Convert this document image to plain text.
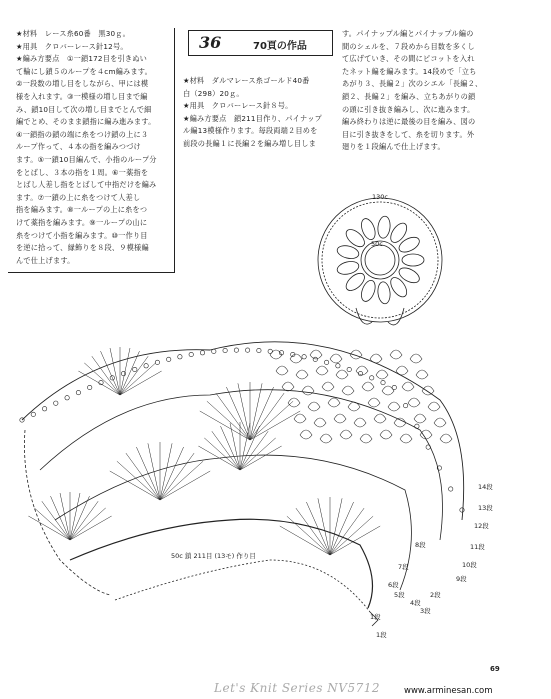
★材料　レース糸60番　黒30ｇ。

★用具　クロバーレース針12号。

★編み方要点　①一鎖172目を引きぬい

て輪にし鎖５のループを４cm編みます。

②一段数の増し目をしながら、甲には模

様を入れます。③一模様の増し目まで編

み、鎖10目して次の増し目までとんで細

編でとめ、そのまま鎖指に編み進みます。

④一鎖指の鎖の端に糸をつけ鎖の上に３

ループ作って、４本の指を編みつづけ

ます。⑤一鎖10目編んで、小指のループ分

をとばし、３本の指を１周。⑥一薬指を

とばし人差し指をとばして中指だけを編み

ます。⑦一鎖の上に糸をつけて人差し

指を編みます。⑧一ループの上に糸をつ

けて薬指を編みます。⑨一ループの山に

糸をつけて小指を編みます。⑩一作り目

を逆に拾って、縁飾りを８段、９模様編

んで仕上げます。

36	70頁の作品

★材料　ダルマレース糸ゴールド40番

白（298）20ｇ。

★用具　クロバーレース針８号。

★編み方要点　鎖211目作り、パイナップ

ル編13模様作ります。毎段両端２目めを

前段の長編１に長編２を編み増し目しま

す。パイナップル編とパイナップル編の

間のシェルを、７段めから目数を多くし

て広げていき、その間にピコットを入れ

たネット編を編みます。14段めで「立ち

あがり３、長編２」次のシエル「長編２、

鎖２、長編２」を編み、立ちあがりの鎖

の頭に引き抜き編みし、次に進みます。

編み終わりは逆に最後の目を編み、図の

目に引き抜きをして、糸を切ります。外

廻りを１段編んで仕上げます。

130c
50c
50c 鎖 211目 (13モ) 作り目
14段
13段
12段
11段
10段
9段
8段
7段
6段
5段
4段
3段
2段
1段
1段
Let's Knit Series NV5712
69
www.arminesan.com
